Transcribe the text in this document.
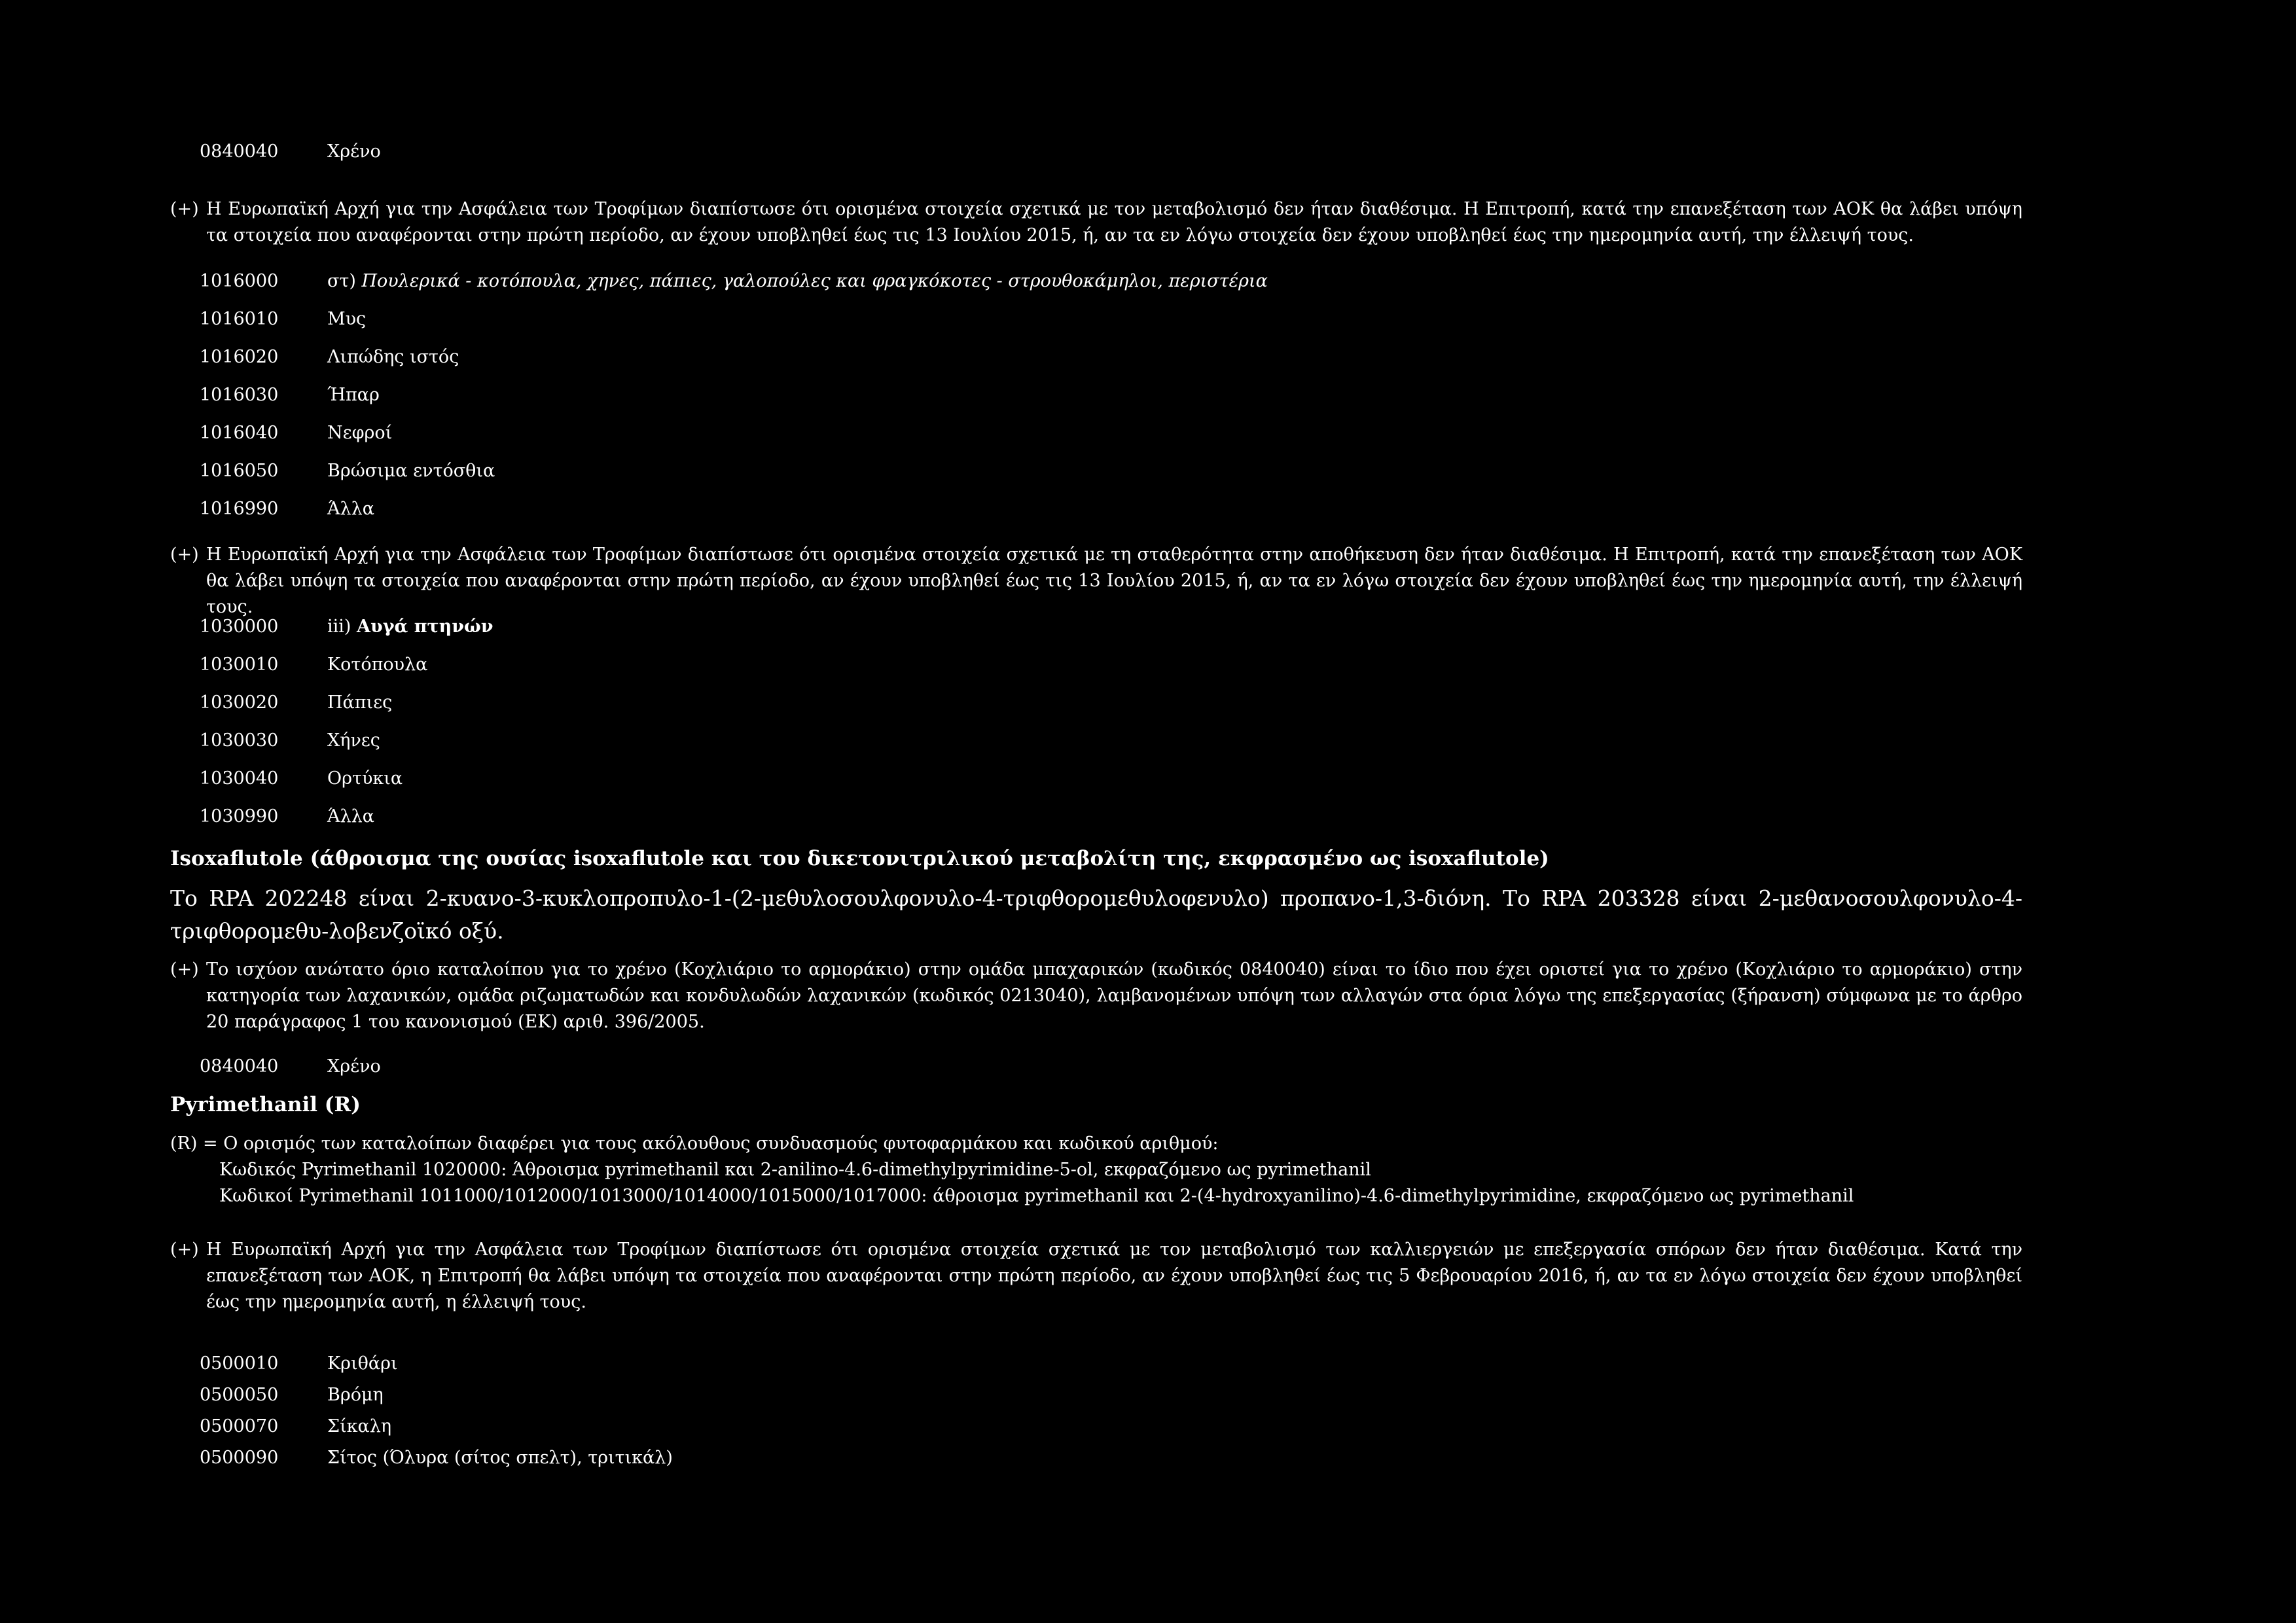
0840040	Χρένο
(+) Η Ευρωπαϊκή Αρχή για την Ασφάλεια των Τροφίμων διαπίστωσε ότι ορισμένα στοιχεία σχετικά με τον μεταβολισμό δεν ήταν διαθέσιμα. Η Επιτροπή, κατά την επανεξέταση των ΑΟΚ θα λάβει υπόψη τα στοιχεία που αναφέρονται στην πρώτη περίοδο, αν έχουν υποβληθεί έως τις 13 Ιουλίου 2015, ή, αν τα εν λόγω στοιχεία δεν έχουν υποβληθεί έως την ημερομηνία αυτή, την έλλειψή τους.
1016000	στ) Πουλερικά - κοτόπουλα, χηνες, πάπιες, γαλοπούλες και φραγκόκοτες - στρουθοκάμηλοι, περιστέρια
1016010	Μυς
1016020	Λιπώδης ιστός
1016030	Ήπαρ
1016040	Νεφροί
1016050	Βρώσιμα εντόσθια
1016990	Άλλα
(+) Η Ευρωπαϊκή Αρχή για την Ασφάλεια των Τροφίμων διαπίστωσε ότι ορισμένα στοιχεία σχετικά με τη σταθερότητα στην αποθήκευση δεν ήταν διαθέσιμα. Η Επιτροπή, κατά την επανεξέταση των ΑΟΚ θα λάβει υπόψη τα στοιχεία που αναφέρονται στην πρώτη περίοδο, αν έχουν υποβληθεί έως τις 13 Ιουλίου 2015, ή, αν τα εν λόγω στοιχεία δεν έχουν υποβληθεί έως την ημερομηνία αυτή, την έλλειψή τους.
1030000	iii) Αυγά πτηνών
1030010	Κοτόπουλα
1030020	Πάπιες
1030030	Χήνες
1030040	Ορτύκια
1030990	Άλλα
Isoxaflutole (άθροισμα της ουσίας isoxaflutole και του δικετονιτριλικού μεταβολίτη της, εκφρασμένο ως isoxaflutole)
Το RPA 202248 είναι 2-κυανο-3-κυκλοπροπυλο-1-(2-μεθυλοσουλφονυλο-4-τριφθορομεθυλοφενυλο) προπανο-1,3-διόνη. Το RPA 203328 είναι 2-μεθανοσουλφονυλο-4-τριφθορομεθυ-λοβενζοϊκό οξύ.
(+) Το ισχύον ανώτατο όριο καταλοίπου για το χρένο (Κοχλιάριο το αρμοράκιο) στην ομάδα μπαχαρικών (κωδικός 0840040) είναι το ίδιο που έχει οριστεί για το χρένο (Κοχλιάριο το αρμοράκιο) στην κατηγορία των λαχανικών, ομάδα ριζωματωδών και κονδυλωδών λαχανικών (κωδικός 0213040), λαμβανομένων υπόψη των αλλαγών στα όρια λόγω της επεξεργασίας (ξήρανση) σύμφωνα με το άρθρο 20 παράγραφος 1 του κανονισμού (ΕΚ) αριθ. 396/2005.
0840040	Χρένο
Pyrimethanil (R)
(R) = Ο ορισμός των καταλοίπων διαφέρει για τους ακόλουθους συνδυασμούς φυτοφαρμάκου και κωδικού αριθμού:
Κωδικός Pyrimethanil 1020000: Άθροισμα pyrimethanil και 2-anilino-4.6-dimethylpyrimidine-5-ol, εκφραζόμενο ως pyrimethanil
Κωδικοί Pyrimethanil 1011000/1012000/1013000/1014000/1015000/1017000: άθροισμα pyrimethanil και 2-(4-hydroxyanilino)-4.6-dimethylpyrimidine, εκφραζόμενο ως pyrimethanil
(+) Η Ευρωπαϊκή Αρχή για την Ασφάλεια των Τροφίμων διαπίστωσε ότι ορισμένα στοιχεία σχετικά με τον μεταβολισμό των καλλιεργειών με επεξεργασία σπόρων δεν ήταν διαθέσιμα. Κατά την επανεξέταση των ΑΟΚ, η Επιτροπή θα λάβει υπόψη τα στοιχεία που αναφέρονται στην πρώτη περίοδο, αν έχουν υποβληθεί έως τις 5 Φεβρουαρίου 2016, ή, αν τα εν λόγω στοιχεία δεν έχουν υποβληθεί έως την ημερομηνία αυτή, η έλλειψή τους.
0500010	Κριθάρι
0500050	Βρόμη
0500070	Σίκαλη
0500090	Σίτος (Όλυρα (σίτος σπελτ), τριτικάλ)
